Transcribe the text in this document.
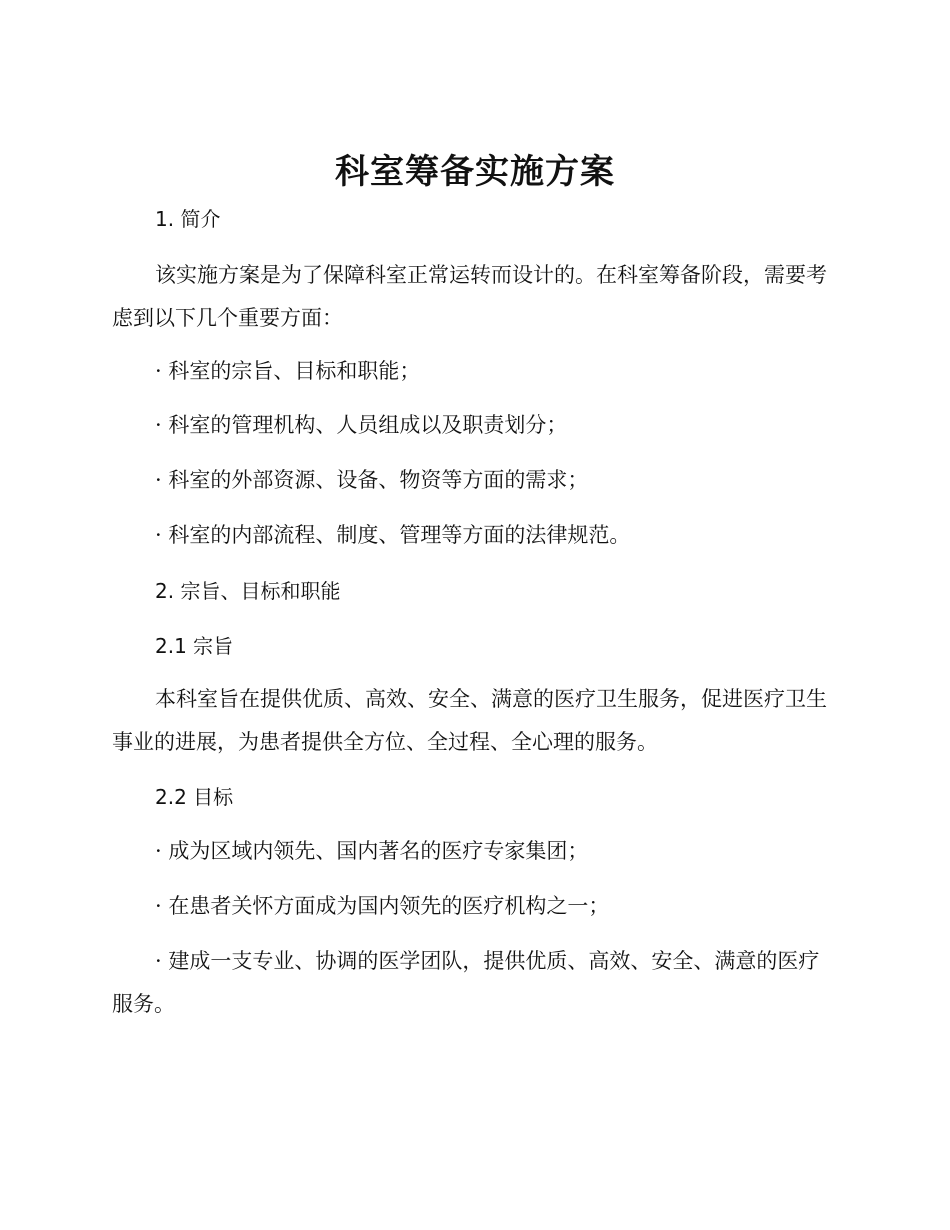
科室筹备实施方案
1. 简介

该实施方案是为了保障科室正常运转而设计的。在科室筹备阶段，需要考虑到以下几个重要方面：

· 科室的宗旨、目标和职能；

· 科室的管理机构、人员组成以及职责划分；

· 科室的外部资源、设备、物资等方面的需求；

· 科室的内部流程、制度、管理等方面的法律规范。

2. 宗旨、目标和职能
2.1 宗旨

本科室旨在提供优质、高效、安全、满意的医疗卫生服务，促进医疗卫生事业的进展，为患者提供全方位、全过程、全心理的服务。

2.2 目标

· 成为区域内领先、国内著名的医疗专家集团；

· 在患者关怀方面成为国内领先的医疗机构之一；

· 建成一支专业、协调的医学团队，提供优质、高效、安全、满意的医疗服务。
